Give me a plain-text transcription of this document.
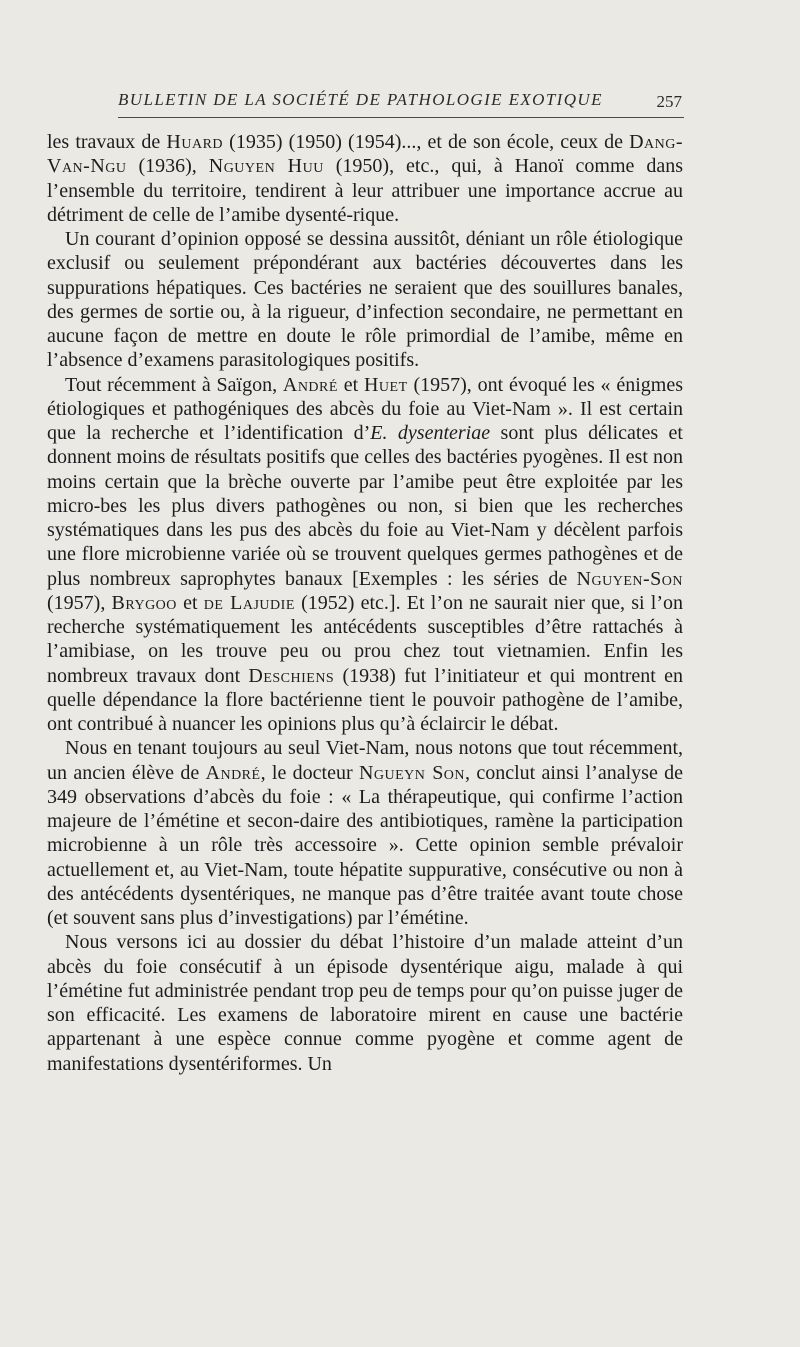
BULLETIN DE LA SOCIÉTÉ DE PATHOLOGIE EXOTIQUE	257

les travaux de Huard (1935) (1950) (1954)..., et de son école, ceux de Dang-Van-Ngu (1936), Nguyen Huu (1950), etc., qui, à Hanoï comme dans l’ensemble du territoire, tendirent à leur attribuer une importance accrue au détriment de celle de l’amibe dysenté-rique.

Un courant d’opinion opposé se dessina aussitôt, déniant un rôle étiologique exclusif ou seulement prépondérant aux bactéries découvertes dans les suppurations hépatiques. Ces bactéries ne seraient que des souillures banales, des germes de sortie ou, à la rigueur, d’infection secondaire, ne permettant en aucune façon de mettre en doute le rôle primordial de l’amibe, même en l’absence d’examens parasitologiques positifs.

Tout récemment à Saïgon, André et Huet (1957), ont évoqué les « énigmes étiologiques et pathogéniques des abcès du foie au Viet-Nam ». Il est certain que la recherche et l’identification d’E. dysenteriae sont plus délicates et donnent moins de résultats positifs que celles des bactéries pyogènes. Il est non moins certain que la brèche ouverte par l’amibe peut être exploitée par les micro-bes les plus divers pathogènes ou non, si bien que les recherches systématiques dans les pus des abcès du foie au Viet-Nam y décèlent parfois une flore microbienne variée où se trouvent quelques germes pathogènes et de plus nombreux saprophytes banaux [Exemples : les séries de Nguyen-Son (1957), Brygoo et de Lajudie (1952) etc.]. Et l’on ne saurait nier que, si l’on recherche systématiquement les antécédents susceptibles d’être rattachés à l’amibiase, on les trouve peu ou prou chez tout vietnamien. Enfin les nombreux travaux dont Deschiens (1938) fut l’initiateur et qui montrent en quelle dépendance la flore bactérienne tient le pouvoir pathogène de l’amibe, ont contribué à nuancer les opinions plus qu’à éclaircir le débat.

Nous en tenant toujours au seul Viet-Nam, nous notons que tout récemment, un ancien élève de André, le docteur Ngueyn Son, conclut ainsi l’analyse de 349 observations d’abcès du foie : « La thérapeutique, qui confirme l’action majeure de l’émétine et secon-daire des antibiotiques, ramène la participation microbienne à un rôle très accessoire ». Cette opinion semble prévaloir actuellement et, au Viet-Nam, toute hépatite suppurative, consécutive ou non à des antécédents dysentériques, ne manque pas d’être traitée avant toute chose (et souvent sans plus d’investigations) par l’émétine.

Nous versons ici au dossier du débat l’histoire d’un malade atteint d’un abcès du foie consécutif à un épisode dysentérique aigu, malade à qui l’émétine fut administrée pendant trop peu de temps pour qu’on puisse juger de son efficacité. Les examens de laboratoire mirent en cause une bactérie appartenant à une espèce connue comme pyogène et comme agent de manifestations dysentériformes. Un
